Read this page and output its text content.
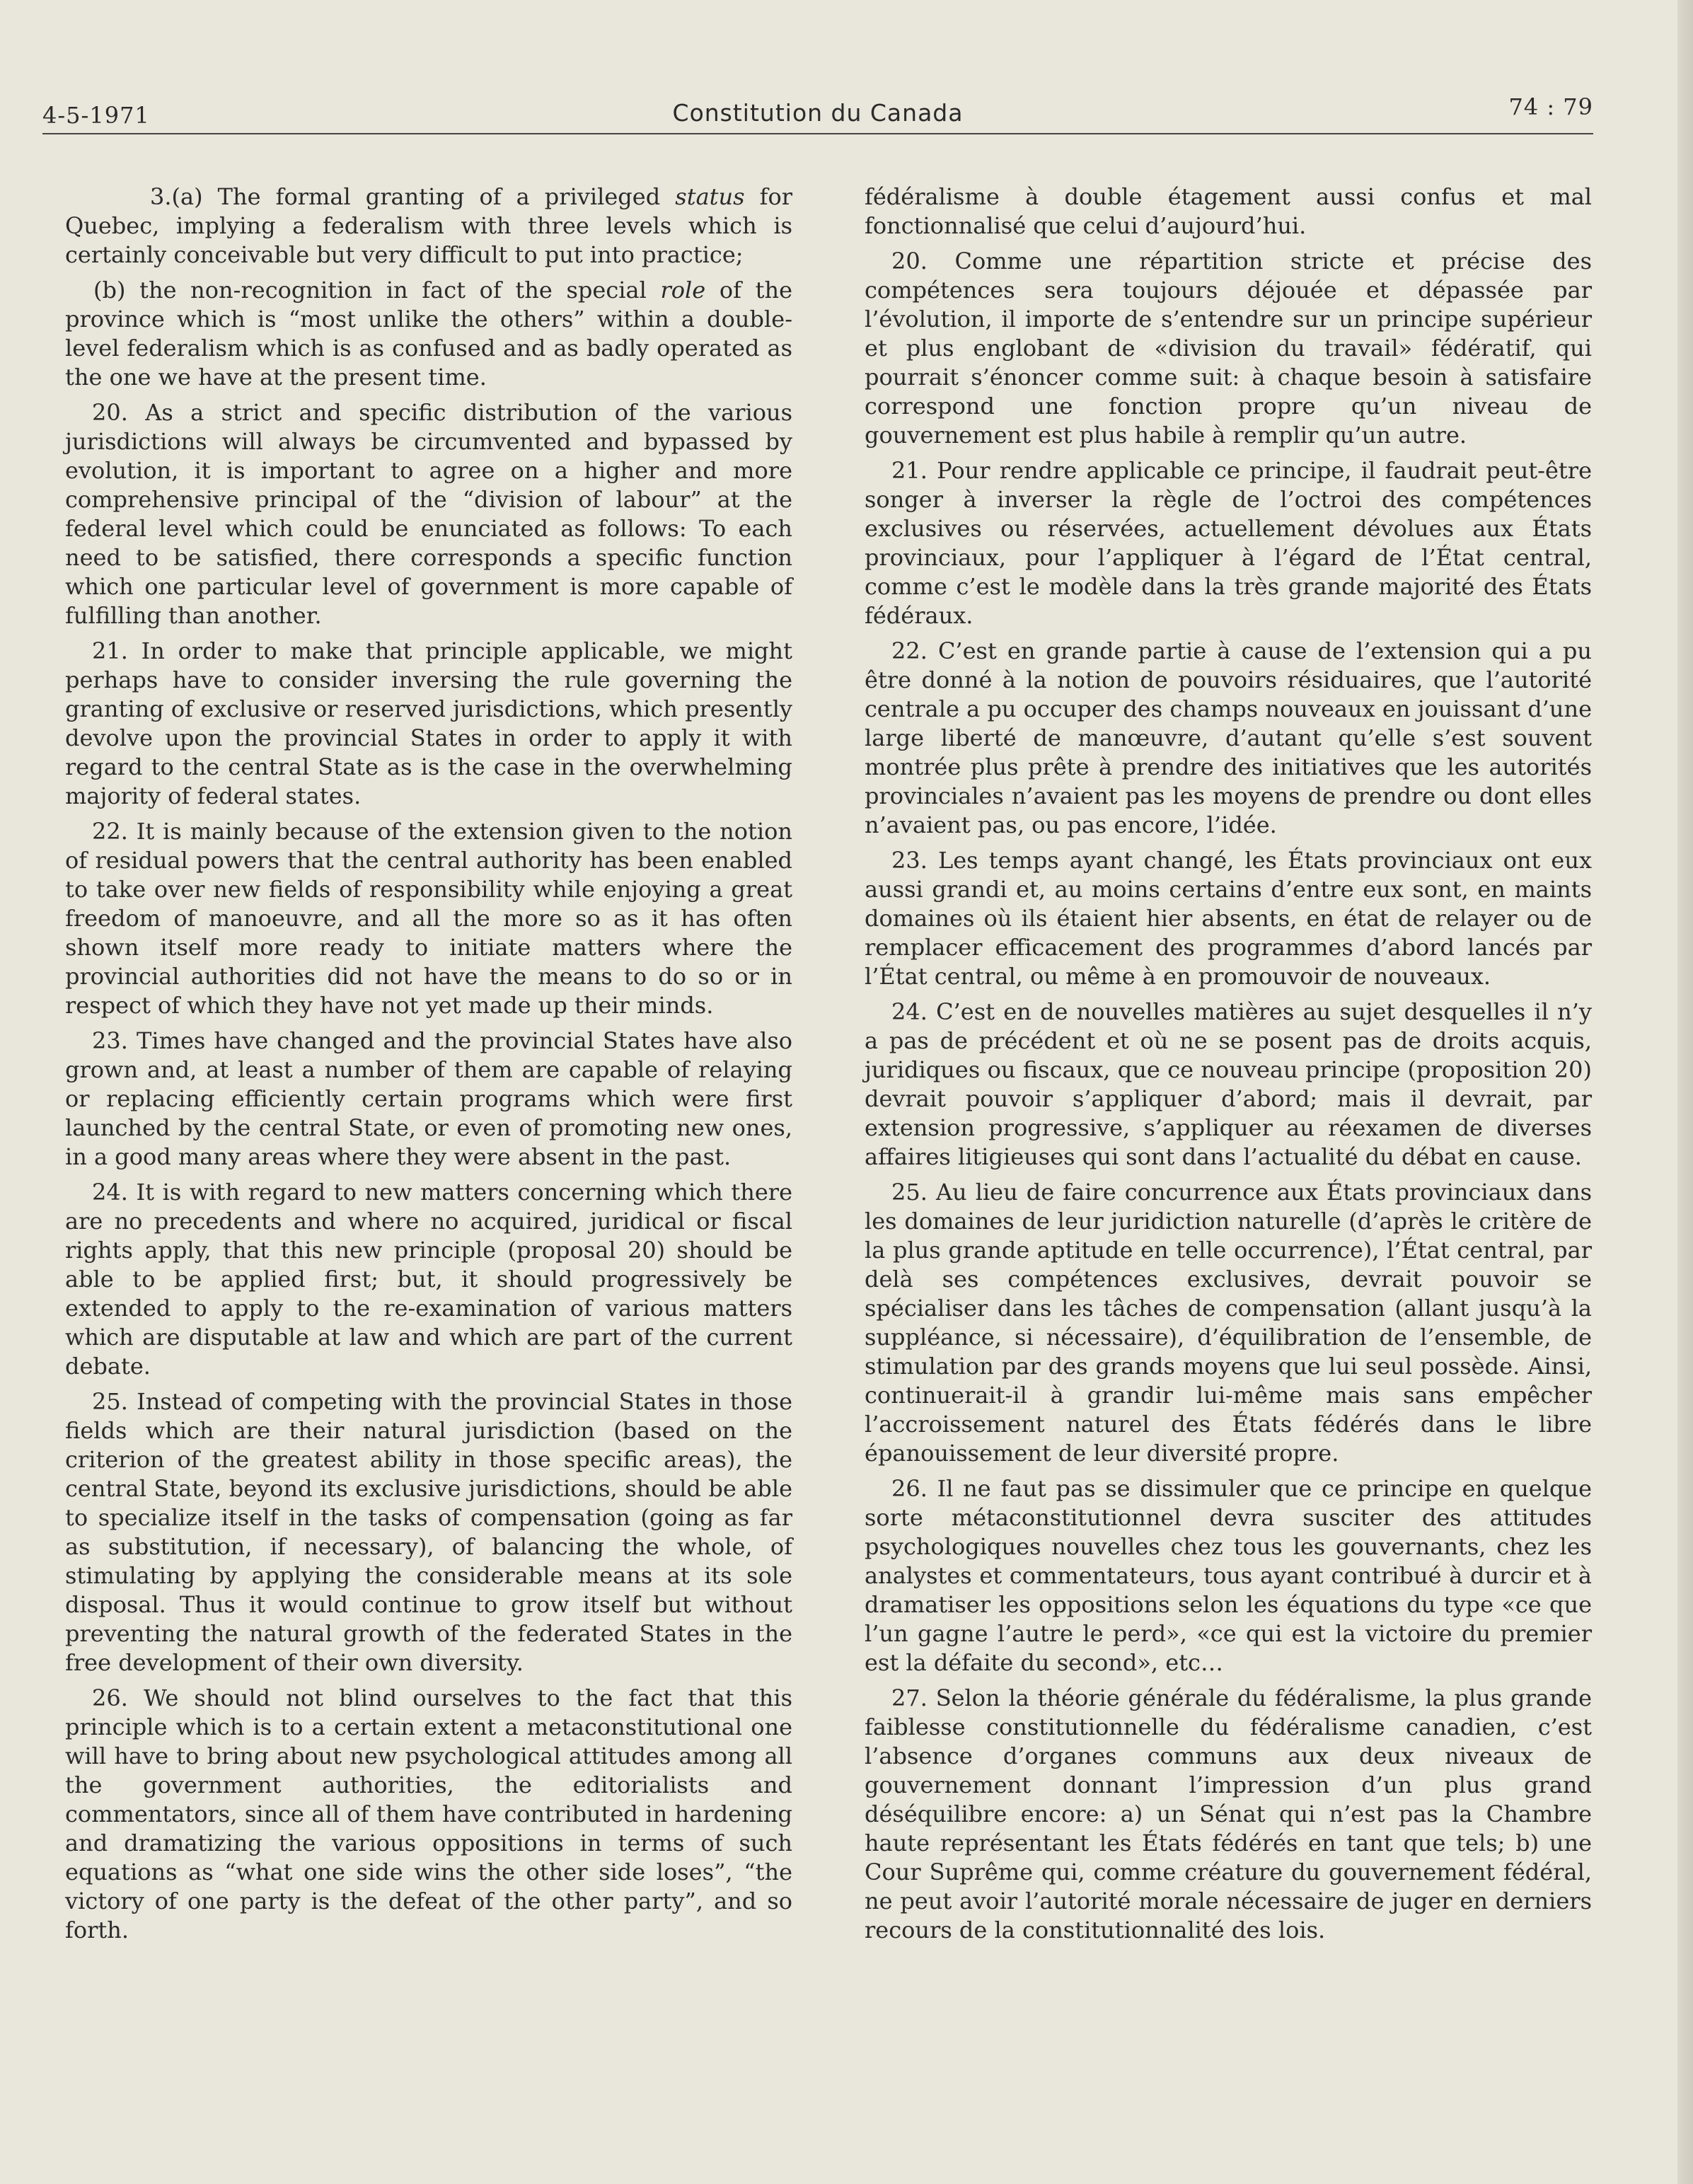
4-5-1971	Constitution du Canada	74 : 79

3.(a) The formal granting of a privileged status for Quebec, implying a federalism with three levels which is certainly conceivable but very difficult to put into practice;

(b) the non-recognition in fact of the special role of the province which is “most unlike the others” within a double-level federalism which is as confused and as badly operated as the one we have at the present time.

20. As a strict and specific distribution of the various jurisdictions will always be circumvented and bypassed by evolution, it is important to agree on a higher and more comprehensive principal of the “division of labour” at the federal level which could be enunciated as follows: To each need to be satisfied, there corresponds a specific function which one particular level of government is more capable of fulfilling than another.

21. In order to make that principle applicable, we might perhaps have to consider inversing the rule governing the granting of exclusive or reserved jurisdictions, which presently devolve upon the provincial States in order to apply it with regard to the central State as is the case in the overwhelming majority of federal states.

22. It is mainly because of the extension given to the notion of residual powers that the central authority has been enabled to take over new fields of responsibility while enjoying a great freedom of manoeuvre, and all the more so as it has often shown itself more ready to initiate matters where the provincial authorities did not have the means to do so or in respect of which they have not yet made up their minds.

23. Times have changed and the provincial States have also grown and, at least a number of them are capable of relaying or replacing efficiently certain programs which were first launched by the central State, or even of promoting new ones, in a good many areas where they were absent in the past.

24. It is with regard to new matters concerning which there are no precedents and where no acquired, juridical or fiscal rights apply, that this new principle (proposal 20) should be able to be applied first; but, it should progressively be extended to apply to the re-examination of various matters which are disputable at law and which are part of the current debate.

25. Instead of competing with the provincial States in those fields which are their natural jurisdiction (based on the criterion of the greatest ability in those specific areas), the central State, beyond its exclusive jurisdictions, should be able to specialize itself in the tasks of compensation (going as far as substitution, if necessary), of balancing the whole, of stimulating by applying the considerable means at its sole disposal. Thus it would continue to grow itself but without preventing the natural growth of the federated States in the free development of their own diversity.

26. We should not blind ourselves to the fact that this principle which is to a certain extent a metaconstitutional one will have to bring about new psychological attitudes among all the government authorities, the editorialists and commentators, since all of them have contributed in hardening and dramatizing the various oppositions in terms of such equations as “what one side wins the other side loses”, “the victory of one party is the defeat of the other party”, and so forth.

fédéralisme à double étagement aussi confus et mal fonctionnalisé que celui d’aujourd’hui.

20. Comme une répartition stricte et précise des compétences sera toujours déjouée et dépassée par l’évolution, il importe de s’entendre sur un principe supérieur et plus englobant de «division du travail» fédératif, qui pourrait s’énoncer comme suit: à chaque besoin à satisfaire correspond une fonction propre qu’un niveau de gouvernement est plus habile à remplir qu’un autre.

21. Pour rendre applicable ce principe, il faudrait peut-être songer à inverser la règle de l’octroi des compétences exclusives ou réservées, actuellement dévolues aux États provinciaux, pour l’appliquer à l’égard de l’État central, comme c’est le modèle dans la très grande majorité des États fédéraux.

22. C’est en grande partie à cause de l’extension qui a pu être donné à la notion de pouvoirs résiduaires, que l’autorité centrale a pu occuper des champs nouveaux en jouissant d’une large liberté de manœuvre, d’autant qu’elle s’est souvent montrée plus prête à prendre des initiatives que les autorités provinciales n’avaient pas les moyens de prendre ou dont elles n’avaient pas, ou pas encore, l’idée.

23. Les temps ayant changé, les États provinciaux ont eux aussi grandi et, au moins certains d’entre eux sont, en maints domaines où ils étaient hier absents, en état de relayer ou de remplacer efficacement des programmes d’abord lancés par l’État central, ou même à en promouvoir de nouveaux.

24. C’est en de nouvelles matières au sujet desquelles il n’y a pas de précédent et où ne se posent pas de droits acquis, juridiques ou fiscaux, que ce nouveau principe (proposition 20) devrait pouvoir s’appliquer d’abord; mais il devrait, par extension progressive, s’appliquer au réexamen de diverses affaires litigieuses qui sont dans l’actualité du débat en cause.

25. Au lieu de faire concurrence aux États provinciaux dans les domaines de leur juridiction naturelle (d’après le critère de la plus grande aptitude en telle occurrence), l’État central, par delà ses compétences exclusives, devrait pouvoir se spécialiser dans les tâches de compensation (allant jusqu’à la suppléance, si nécessaire), d’équilibration de l’ensemble, de stimulation par des grands moyens que lui seul possède. Ainsi, continuerait-il à grandir lui-même mais sans empêcher l’accroissement naturel des États fédérés dans le libre épanouissement de leur diversité propre.

26. Il ne faut pas se dissimuler que ce principe en quelque sorte métaconstitutionnel devra susciter des attitudes psychologiques nouvelles chez tous les gouvernants, chez les analystes et commentateurs, tous ayant contribué à durcir et à dramatiser les oppositions selon les équations du type «ce que l’un gagne l’autre le perd», «ce qui est la victoire du premier est la défaite du second», etc…

27. Selon la théorie générale du fédéralisme, la plus grande faiblesse constitutionnelle du fédéralisme canadien, c’est l’absence d’organes communs aux deux niveaux de gouvernement donnant l’impression d’un plus grand déséquilibre encore: a) un Sénat qui n’est pas la Chambre haute représentant les États fédérés en tant que tels; b) une Cour Suprême qui, comme créature du gouvernement fédéral, ne peut avoir l’autorité morale nécessaire de juger en derniers recours de la constitutionnalité des lois.
